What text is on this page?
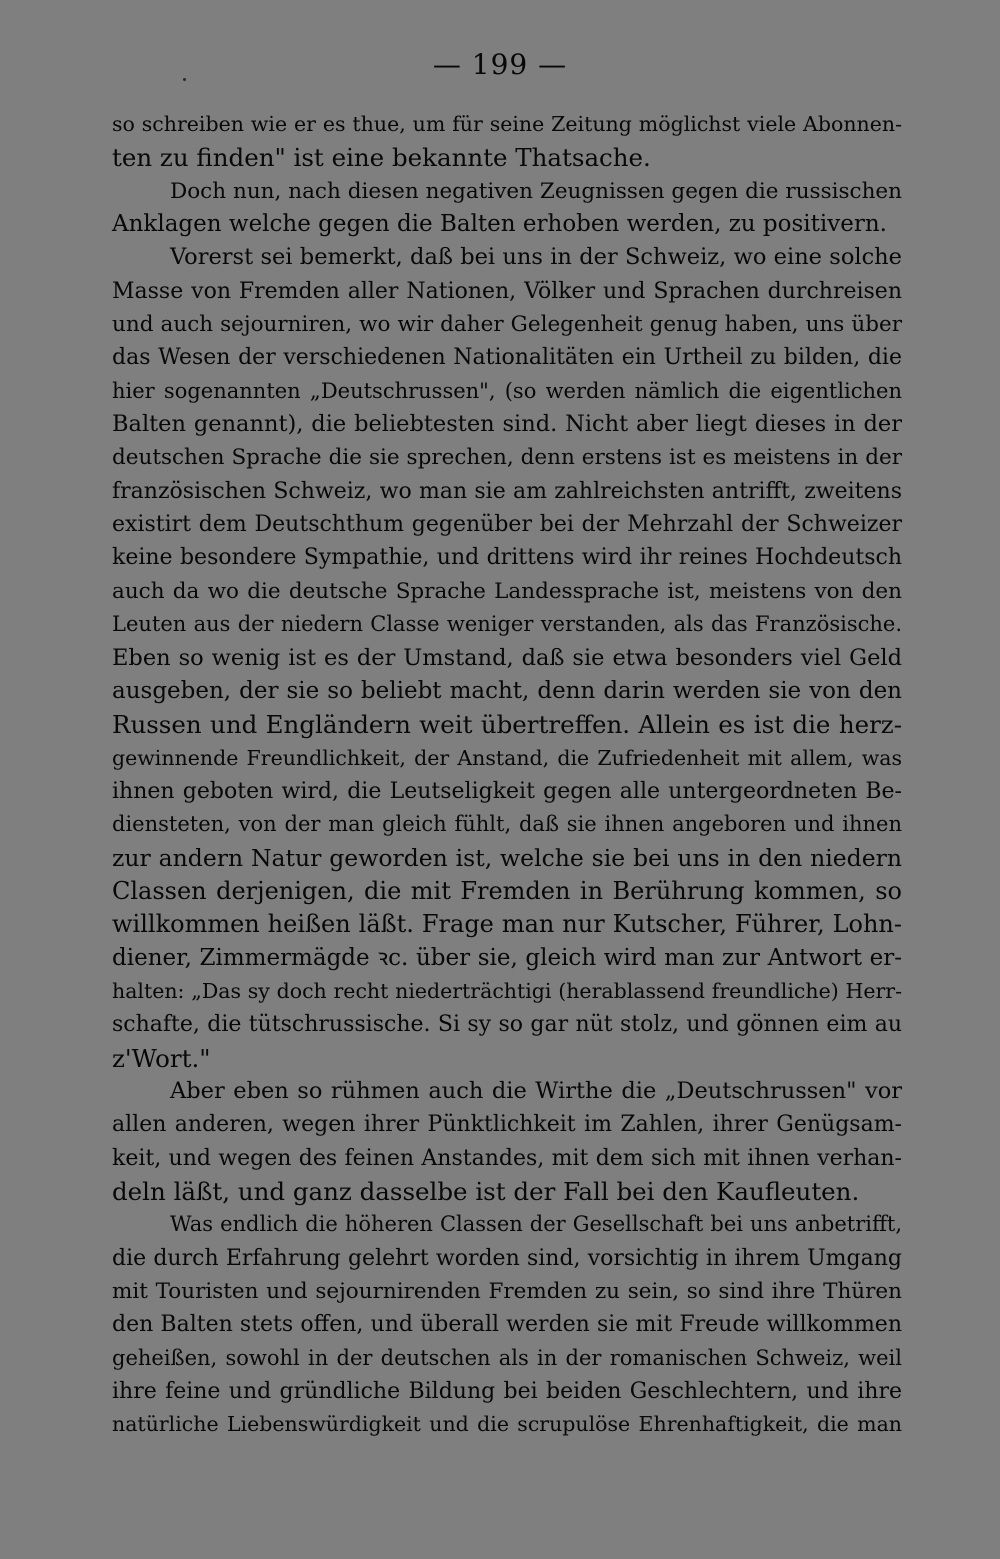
— 199 —
so schreiben wie er es thue, um für seine Zeitung möglichst viele Abonnen-
ten zu finden" ist eine bekannte Thatsache.
Doch nun, nach diesen negativen Zeugnissen gegen die russischen
Anklagen welche gegen die Balten erhoben werden, zu positivern.
Vorerst sei bemerkt, daß bei uns in der Schweiz, wo eine solche
Masse von Fremden aller Nationen, Völker und Sprachen durchreisen
und auch sejourniren, wo wir daher Gelegenheit genug haben, uns über
das Wesen der verschiedenen Nationalitäten ein Urtheil zu bilden, die
hier sogenannten „Deutschrussen", (so werden nämlich die eigentlichen
Balten genannt), die beliebtesten sind. Nicht aber liegt dieses in der
deutschen Sprache die sie sprechen, denn erstens ist es meistens in der
französischen Schweiz, wo man sie am zahlreichsten antrifft, zweitens
existirt dem Deutschthum gegenüber bei der Mehrzahl der Schweizer
keine besondere Sympathie, und drittens wird ihr reines Hochdeutsch
auch da wo die deutsche Sprache Landessprache ist, meistens von den
Leuten aus der niedern Classe weniger verstanden, als das Französische.
Eben so wenig ist es der Umstand, daß sie etwa besonders viel Geld
ausgeben, der sie so beliebt macht, denn darin werden sie von den
Russen und Engländern weit übertreffen. Allein es ist die herz-
gewinnende Freundlichkeit, der Anstand, die Zufriedenheit mit allem, was
ihnen geboten wird, die Leutseligkeit gegen alle untergeordneten Be-
diensteten, von der man gleich fühlt, daß sie ihnen angeboren und ihnen
zur andern Natur geworden ist, welche sie bei uns in den niedern
Classen derjenigen, die mit Fremden in Berührung kommen, so
willkommen heißen läßt. Frage man nur Kutscher, Führer, Lohn-
diener, Zimmermägde ꝛc. über sie, gleich wird man zur Antwort er-
halten: „Das sy doch recht niederträchtigi (herablassend freundliche) Herr-
schafte, die tütschrussische. Si sy so gar nüt stolz, und gönnen eim au
z'Wort."
Aber eben so rühmen auch die Wirthe die „Deutschrussen" vor
allen anderen, wegen ihrer Pünktlichkeit im Zahlen, ihrer Genügsam-
keit, und wegen des feinen Anstandes, mit dem sich mit ihnen verhan-
deln läßt, und ganz dasselbe ist der Fall bei den Kaufleuten.
Was endlich die höheren Classen der Gesellschaft bei uns anbetrifft,
die durch Erfahrung gelehrt worden sind, vorsichtig in ihrem Umgang
mit Touristen und sejournirenden Fremden zu sein, so sind ihre Thüren
den Balten stets offen, und überall werden sie mit Freude willkommen
geheißen, sowohl in der deutschen als in der romanischen Schweiz, weil
ihre feine und gründliche Bildung bei beiden Geschlechtern, und ihre
natürliche Liebenswürdigkeit und die scrupulöse Ehrenhaftigkeit, die man
